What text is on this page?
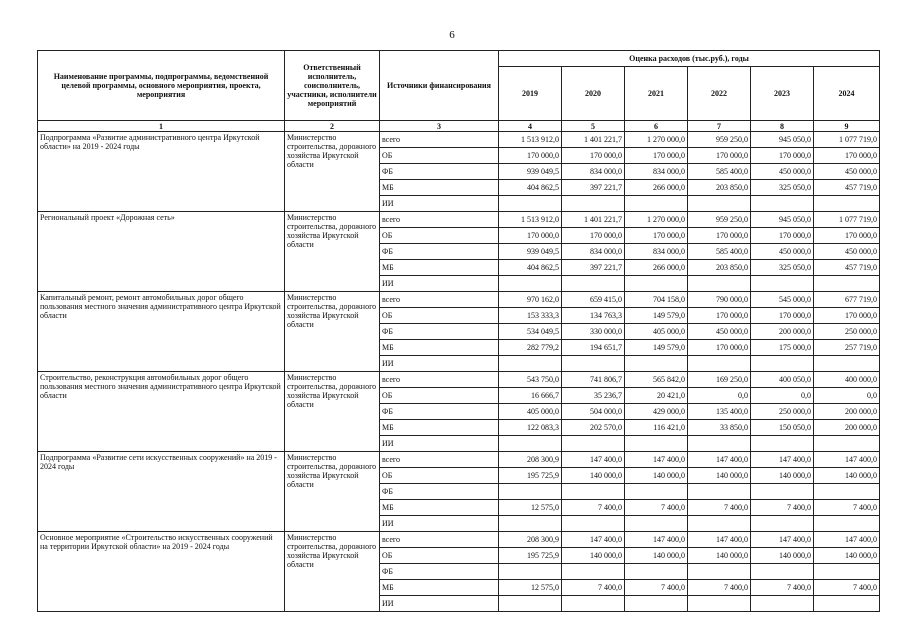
6
Наименование программы, подпрограммы, ведомственной целевой программы, основного мероприятия, проекта, мероприятия	Ответственный исполнитель, соисполнитель, участники, исполнители мероприятий	Источники финансирования	Оценка расходов (тыс.руб.), годы					
			2019	2020	2021	2022	2023	2024
1	2	3	4	5	6	7	8	9
Подпрограмма «Развитие административного центра Иркутской области» на 2019 - 2024 годы	Министерство строительства, дорожного хозяйства Иркутской области	всего	1 513 912,0	1 401 221,7	1 270 000,0	959 250,0	945 050,0	1 077 719,0
		ОБ	170 000,0	170 000,0	170 000,0	170 000,0	170 000,0	170 000,0
		ФБ	939 049,5	834 000,0	834 000,0	585 400,0	450 000,0	450 000,0
		МБ	404 862,5	397 221,7	266 000,0	203 850,0	325 050,0	457 719,0
		ИИ						
Региональный проект «Дорожная сеть»	Министерство строительства, дорожного хозяйства Иркутской области	всего	1 513 912,0	1 401 221,7	1 270 000,0	959 250,0	945 050,0	1 077 719,0
		ОБ	170 000,0	170 000,0	170 000,0	170 000,0	170 000,0	170 000,0
		ФБ	939 049,5	834 000,0	834 000,0	585 400,0	450 000,0	450 000,0
		МБ	404 862,5	397 221,7	266 000,0	203 850,0	325 050,0	457 719,0
		ИИ						
Капитальный ремонт, ремонт автомобильных дорог общего пользования местного значения административного центра Иркутской области	Министерство строительства, дорожного хозяйства Иркутской области	всего	970 162,0	659 415,0	704 158,0	790 000,0	545 000,0	677 719,0
		ОБ	153 333,3	134 763,3	149 579,0	170 000,0	170 000,0	170 000,0
		ФБ	534 049,5	330 000,0	405 000,0	450 000,0	200 000,0	250 000,0
		МБ	282 779,2	194 651,7	149 579,0	170 000,0	175 000,0	257 719,0
		ИИ						
Строительство, реконструкция автомобильных дорог общего пользования местного значения административного центра Иркутской области	Министерство строительства, дорожного хозяйства Иркутской области	всего	543 750,0	741 806,7	565 842,0	169 250,0	400 050,0	400 000,0
		ОБ	16 666,7	35 236,7	20 421,0	0,0	0,0	0,0
		ФБ	405 000,0	504 000,0	429 000,0	135 400,0	250 000,0	200 000,0
		МБ	122 083,3	202 570,0	116 421,0	33 850,0	150 050,0	200 000,0
		ИИ						
Подпрограмма «Развитие сети искусственных сооружений» на 2019 - 2024 годы	Министерство строительства, дорожного хозяйства Иркутской области	всего	208 300,9	147 400,0	147 400,0	147 400,0	147 400,0	147 400,0
		ОБ	195 725,9	140 000,0	140 000,0	140 000,0	140 000,0	140 000,0
		ФБ						
		МБ	12 575,0	7 400,0	7 400,0	7 400,0	7 400,0	7 400,0
		ИИ						
Основное мероприятие «Строительство искусственных сооружений на территории Иркутской области» на 2019 - 2024 годы	Министерство строительства, дорожного хозяйства Иркутской области	всего	208 300,9	147 400,0	147 400,0	147 400,0	147 400,0	147 400,0
		ОБ	195 725,9	140 000,0	140 000,0	140 000,0	140 000,0	140 000,0
		ФБ						
		МБ	12 575,0	7 400,0	7 400,0	7 400,0	7 400,0	7 400,0
		ИИ						
